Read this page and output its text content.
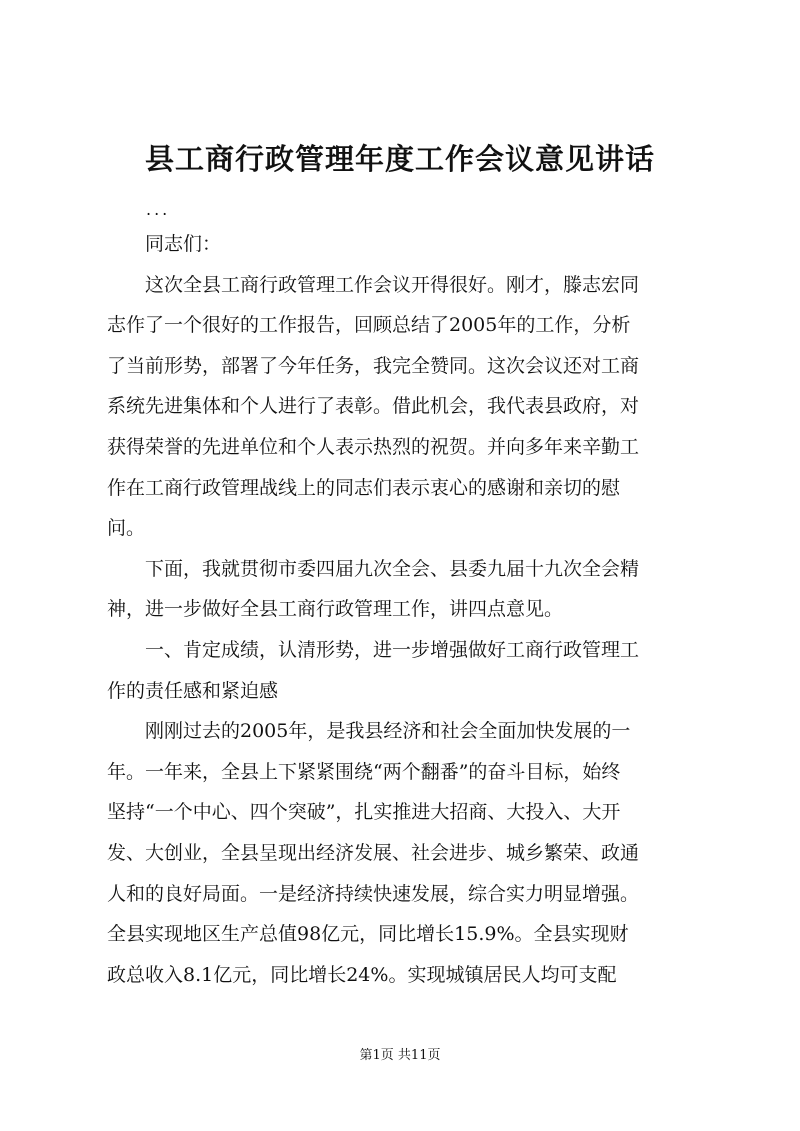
县工商行政管理年度工作会议意见讲话
...

同志们：

这次全县工商行政管理工作会议开得很好。刚才，滕志宏同
志作了一个很好的工作报告，回顾总结了2005年的工作，分析
了当前形势，部署了今年任务，我完全赞同。这次会议还对工商
系统先进集体和个人进行了表彰。借此机会，我代表县政府，对
获得荣誉的先进单位和个人表示热烈的祝贺。并向多年来辛勤工
作在工商行政管理战线上的同志们表示衷心的感谢和亲切的慰
问。

下面，我就贯彻市委四届九次全会、县委九届十九次全会精
神，进一步做好全县工商行政管理工作，讲四点意见。

一、肯定成绩，认清形势，进一步增强做好工商行政管理工
作的责任感和紧迫感

刚刚过去的2005年，是我县经济和社会全面加快发展的一
年。一年来，全县上下紧紧围绕“两个翻番”的奋斗目标，始终
坚持“一个中心、四个突破”，扎实推进大招商、大投入、大开
发、大创业，全县呈现出经济发展、社会进步、城乡繁荣、政通
人和的良好局面。一是经济持续快速发展，综合实力明显增强。
全县实现地区生产总值98亿元，同比增长15.9%。全县实现财
政总收入8.1亿元，同比增长24%。实现城镇居民人均可支配

第1页 共11页
